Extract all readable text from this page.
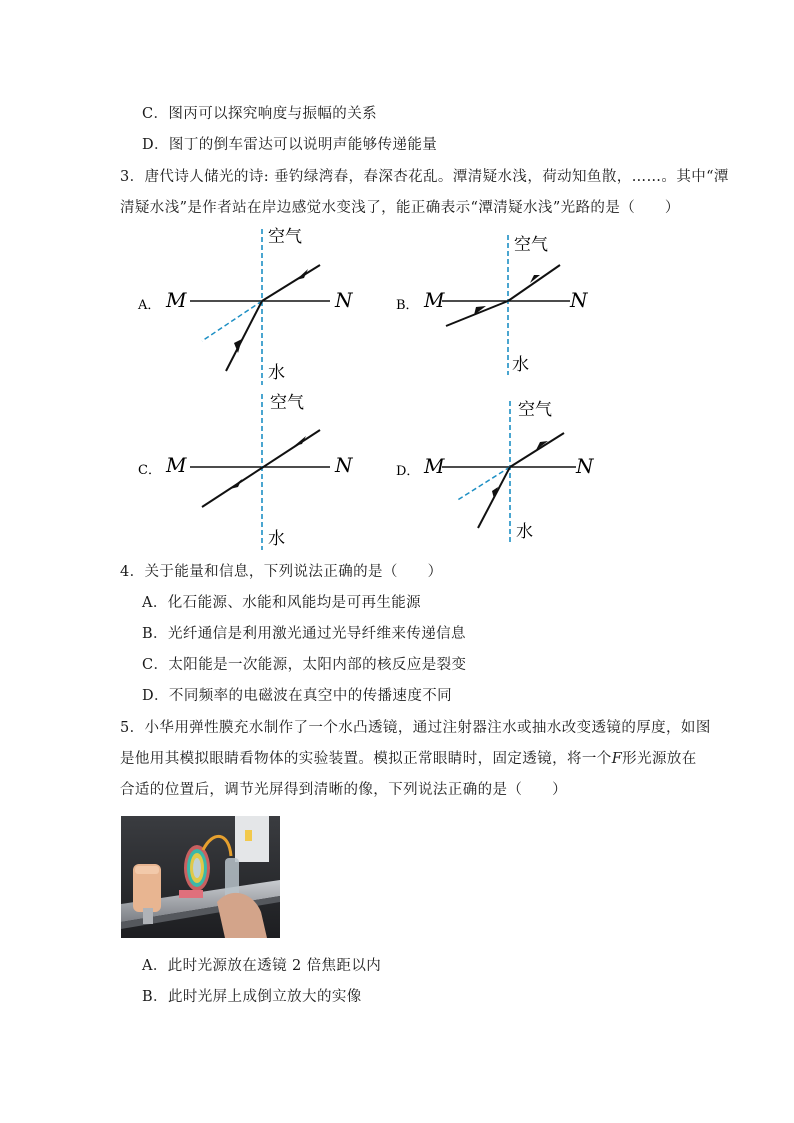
C．图丙可以探究响度与振幅的关系
D．图丁的倒车雷达可以说明声能够传递能量
3．唐代诗人储光的诗: 垂钓绿湾春，春深杏花乱。潭清疑水浅，荷动知鱼散，……。其中“潭
清疑水浅”是作者站在岸边感觉水变浅了，能正确表示“潭清疑水浅”光路的是（　　）
A． M	N
空气
水
B． M	N
空气
水
C． M	N
空气
水
D． M	N
空气
水
4．关于能量和信息，下列说法正确的是（　　）
A．化石能源、水能和风能均是可再生能源
B．光纤通信是利用激光通过光导纤维来传递信息
C．太阳能是一次能源，太阳内部的核反应是裂变
D．不同频率的电磁波在真空中的传播速度不同
5．小华用弹性膜充水制作了一个水凸透镜，通过注射器注水或抽水改变透镜的厚度，如图
是他用其模拟眼睛看物体的实验装置。模拟正常眼睛时，固定透镜，将一个F形光源放在
合适的位置后，调节光屏得到清晰的像，下列说法正确的是（　　）
A．此时光源放在透镜 2 倍焦距以内
B．此时光屏上成倒立放大的实像
